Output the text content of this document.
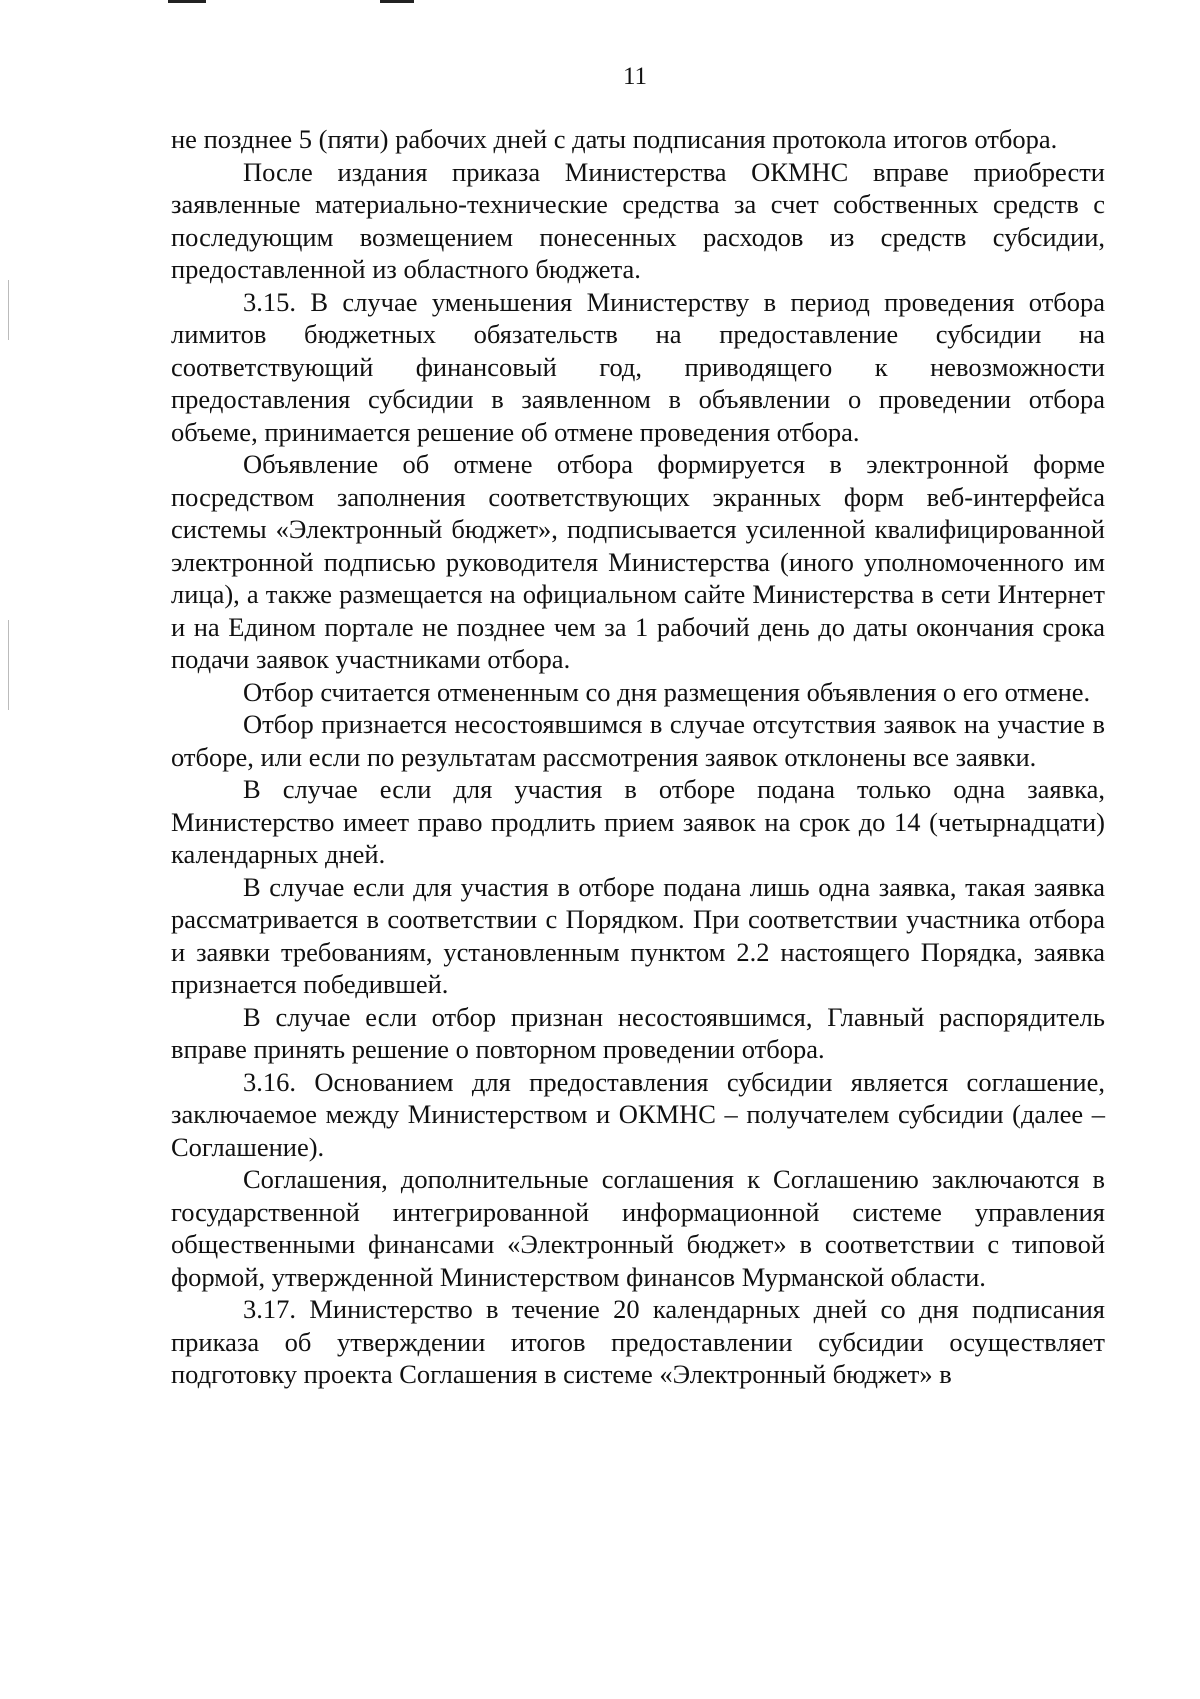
11

не позднее 5 (пяти) рабочих дней с даты подписания протокола итогов отбора.

После издания приказа Министерства ОКМНС вправе приобрести заявленные материально-технические средства за счет собственных средств с последующим возмещением понесенных расходов из средств субсидии, предоставленной из областного бюджета.

3.15. В случае уменьшения Министерству в период проведения отбора лимитов бюджетных обязательств на предоставление субсидии на соответствующий финансовый год, приводящего к невозможности предоставления субсидии в заявленном в объявлении о проведении отбора объеме, принимается решение об отмене проведения отбора.

Объявление об отмене отбора формируется в электронной форме посредством заполнения соответствующих экранных форм веб-интерфейса системы «Электронный бюджет», подписывается усиленной квалифицированной электронной подписью руководителя Министерства (иного уполномоченного им лица), а также размещается на официальном сайте Министерства в сети Интернет и на Едином портале не позднее чем за 1 рабочий день до даты окончания срока подачи заявок участниками отбора.

Отбор считается отмененным со дня размещения объявления о его отмене.

Отбор признается несостоявшимся в случае отсутствия заявок на участие в отборе, или если по результатам рассмотрения заявок отклонены все заявки.

В случае если для участия в отборе подана только одна заявка, Министерство имеет право продлить прием заявок на срок до 14 (четырнадцати) календарных дней.

В случае если для участия в отборе подана лишь одна заявка, такая заявка рассматривается в соответствии с Порядком. При соответствии участника отбора и заявки требованиям, установленным пунктом 2.2 настоящего Порядка, заявка признается победившей.

В случае если отбор признан несостоявшимся, Главный распорядитель вправе принять решение о повторном проведении отбора.

3.16. Основанием для предоставления субсидии является соглашение, заключаемое между Министерством и ОКМНС – получателем субсидии (далее – Соглашение).

Соглашения, дополнительные соглашения к Соглашению заключаются в государственной интегрированной информационной системе управления общественными финансами «Электронный бюджет» в соответствии с типовой формой, утвержденной Министерством финансов Мурманской области.

3.17. Министерство в течение 20 календарных дней со дня подписания приказа об утверждении итогов предоставлении субсидии осуществляет подготовку проекта Соглашения в системе «Электронный бюджет» в
